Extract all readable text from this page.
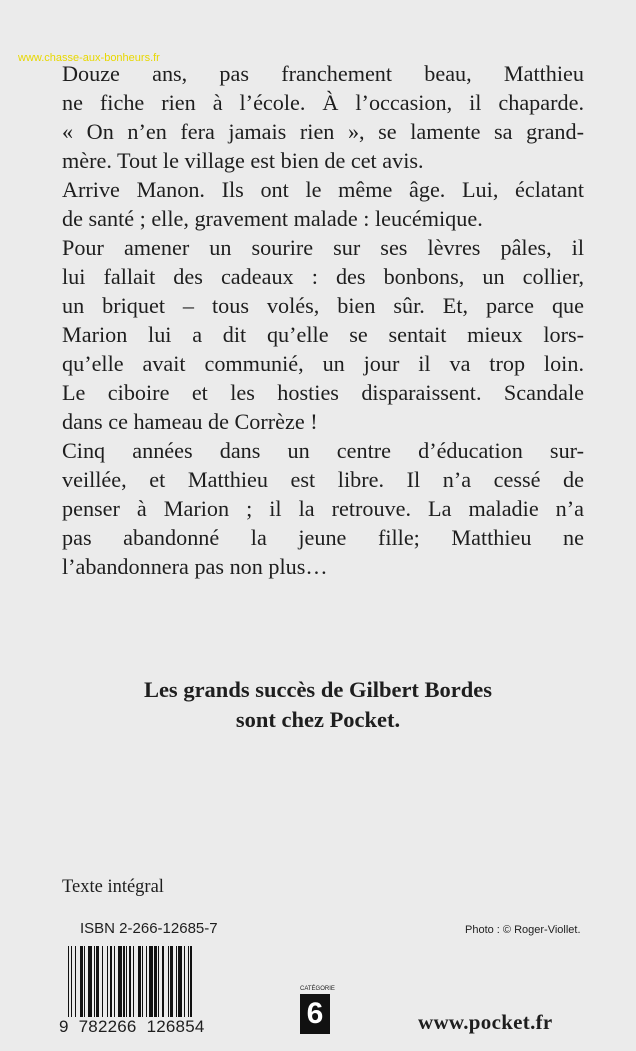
www.chasse-aux-bonheurs.fr
Douze ans, pas franchement beau, Matthieu
ne fiche rien à l’école. À l’occasion, il chaparde.
« On n’en fera jamais rien », se lamente sa grand-
mère. Tout le village est bien de cet avis.
Arrive Manon. Ils ont le même âge. Lui, éclatant
de santé ; elle, gravement malade : leucémique.
Pour amener un sourire sur ses lèvres pâles, il
lui fallait des cadeaux : des bonbons, un collier,
un briquet – tous volés, bien sûr. Et, parce que
Marion lui a dit qu’elle se sentait mieux lors-
qu’elle avait communié, un jour il va trop loin.
Le ciboire et les hosties disparaissent. Scandale
dans ce hameau de Corrèze !
Cinq années dans un centre d’éducation sur-
veillée, et Matthieu est libre. Il n’a cessé de
penser à Marion ; il la retrouve. La maladie n’a
pas abandonné la jeune fille; Matthieu ne
l’abandonnera pas non plus…
Les grands succès de Gilbert Bordes
sont chez Pocket.
Texte intégral
ISBN 2-266-12685-7	Photo : © Roger-Viollet.
9 782266 126854
CATÉGORIE
6	www.pocket.fr
